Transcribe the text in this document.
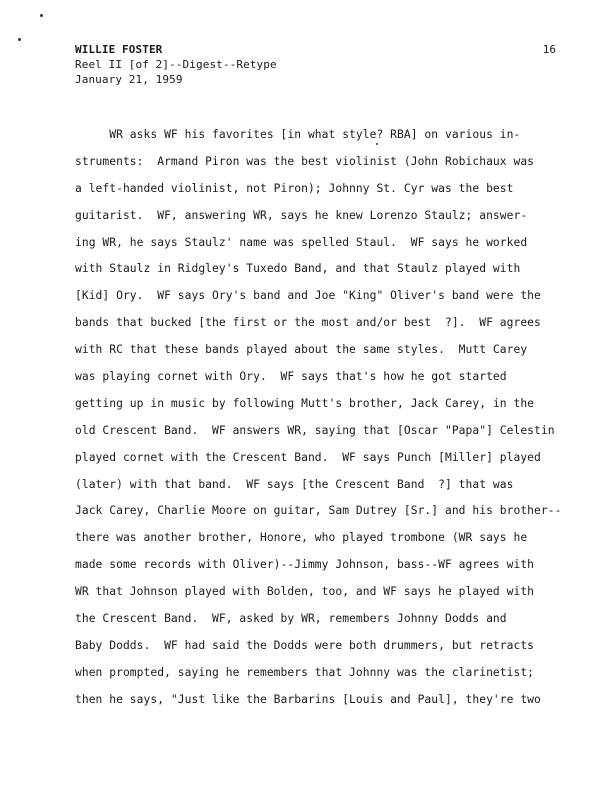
WILLIE FOSTER
Reel II [of 2]--Digest--Retype
January 21, 1959
16
WR asks WF his favorites [in what style? RBA] on various in-
struments:  Armand Piron was the best violinist (John Robichaux was
a left-handed violinist, not Piron); Johnny St. Cyr was the best
guitarist.  WF, answering WR, says he knew Lorenzo Staulz; answer-
ing WR, he says Staulz' name was spelled Staul.  WF says he worked
with Staulz in Ridgley's Tuxedo Band, and that Staulz played with
[Kid] Ory.  WF says Ory's band and Joe "King" Oliver's band were the
bands that bucked [the first or the most and/or best  ?].  WF agrees
with RC that these bands played about the same styles.  Mutt Carey
was playing cornet with Ory.  WF says that's how he got started
getting up in music by following Mutt's brother, Jack Carey, in the
old Crescent Band.  WF answers WR, saying that [Oscar "Papa"] Celestin
played cornet with the Crescent Band.  WF says Punch [Miller] played
(later) with that band.  WF says [the Crescent Band  ?] that was
Jack Carey, Charlie Moore on guitar, Sam Dutrey [Sr.] and his brother--
there was another brother, Honore, who played trombone (WR says he
made some records with Oliver)--Jimmy Johnson, bass--WF agrees with
WR that Johnson played with Bolden, too, and WF says he played with
the Crescent Band.  WF, asked by WR, remembers Johnny Dodds and
Baby Dodds.  WF had said the Dodds were both drummers, but retracts
when prompted, saying he remembers that Johnny was the clarinetist;
then he says, "Just like the Barbarins [Louis and Paul], they're two
